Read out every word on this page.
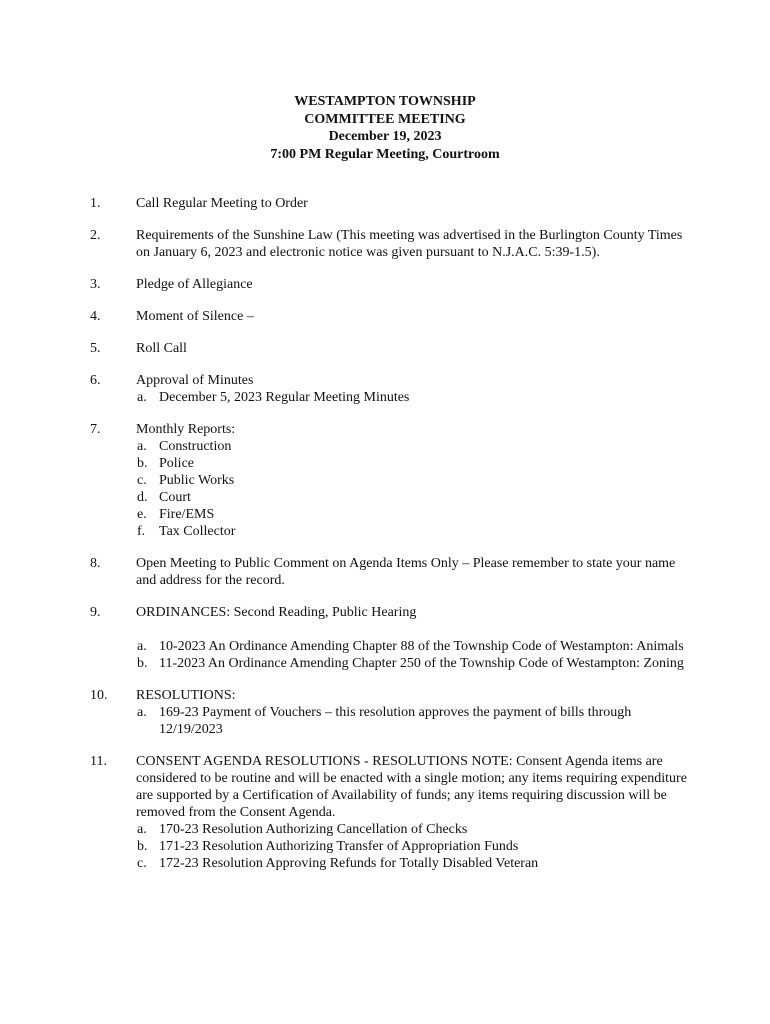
WESTAMPTON TOWNSHIP
COMMITTEE MEETING
December 19, 2023
7:00 PM Regular Meeting, Courtroom
1.	Call Regular Meeting to Order
2.	Requirements of the Sunshine Law (This meeting was advertised in the Burlington County Times on January 6, 2023 and electronic notice was given pursuant to N.J.A.C. 5:39-1.5).
3.	Pledge of Allegiance
4.	Moment of Silence –
5.	Roll Call
6.	Approval of Minutes
a. December 5, 2023 Regular Meeting Minutes
7.	Monthly Reports:
a. Construction
b. Police
c. Public Works
d. Court
e. Fire/EMS
f. Tax Collector
8.	Open Meeting to Public Comment on Agenda Items Only – Please remember to state your name and address for the record.
9.	ORDINANCES: Second Reading, Public Hearing
a. 10-2023 An Ordinance Amending Chapter 88 of the Township Code of Westampton: Animals
b. 11-2023 An Ordinance Amending Chapter 250 of the Township Code of Westampton: Zoning
10. RESOLUTIONS:
a. 169-23 Payment of Vouchers – this resolution approves the payment of bills through 12/19/2023
11. CONSENT AGENDA RESOLUTIONS - RESOLUTIONS NOTE: Consent Agenda items are considered to be routine and will be enacted with a single motion; any items requiring expenditure are supported by a Certification of Availability of funds; any items requiring discussion will be removed from the Consent Agenda.
a. 170-23 Resolution Authorizing Cancellation of Checks
b. 171-23 Resolution Authorizing Transfer of Appropriation Funds
c. 172-23 Resolution Approving Refunds for Totally Disabled Veteran
